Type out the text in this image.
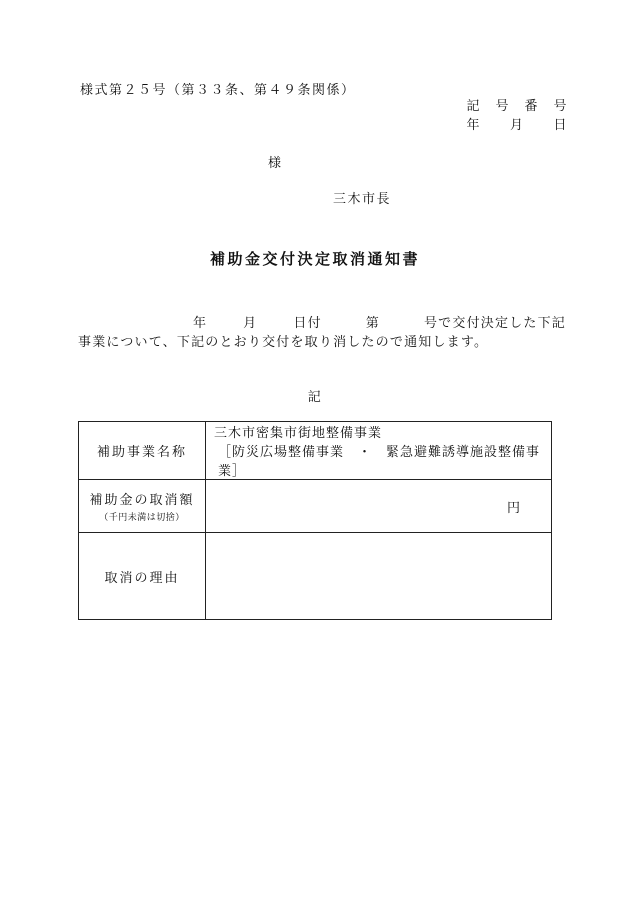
様式第２５号（第３３条、第４９条関係）
記　号　番　号
年　　月　　日
様
三木市長
補助金交付決定取消通知書
年	月	日付	第	号で交付決定した下記
事業について、下記のとおり交付を取り消したので通知します。
記
補助事業名称	三木市密集市街地整備事業
［防災広場整備事業　・　緊急避難誘導施設整備事業］

補助金の取消額
（千円未満は切捨）	円
取消の理由	
